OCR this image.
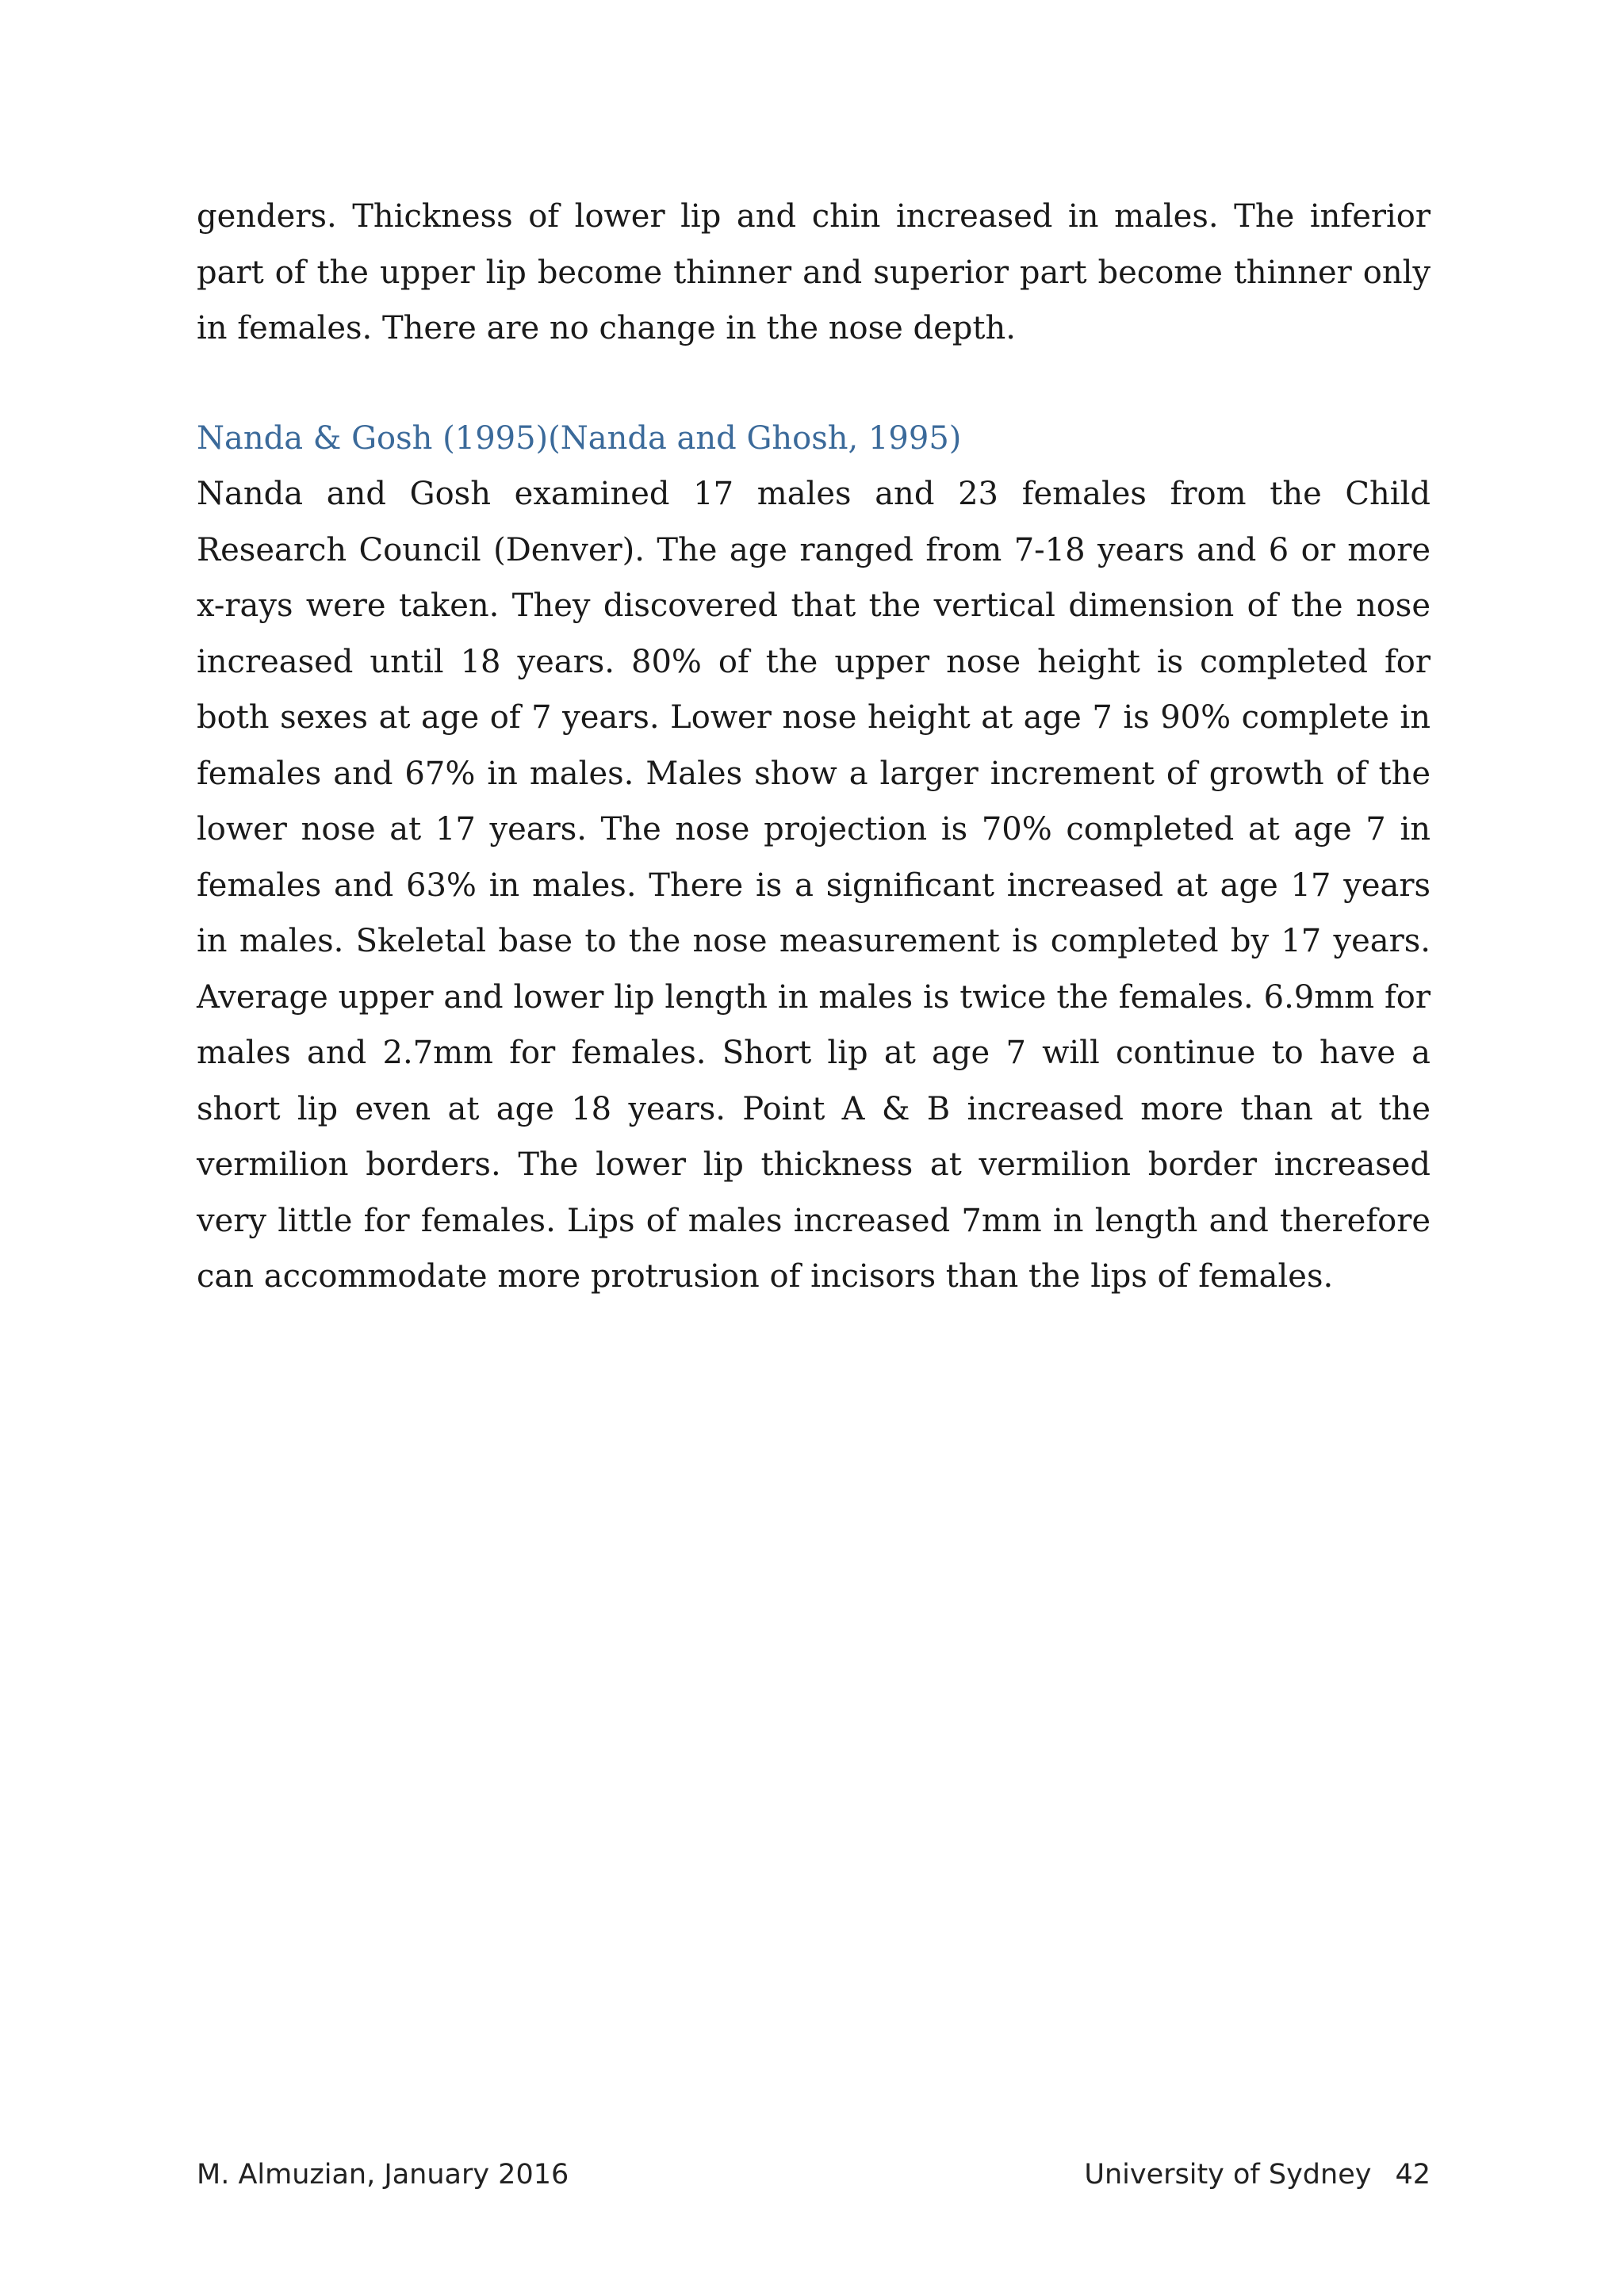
genders. Thickness of lower lip and chin increased in males. The inferior part of the upper lip become thinner and superior part become thinner only in females. There are no change in the nose depth.

Nanda & Gosh (1995)(Nanda and Ghosh, 1995)

Nanda and Gosh examined 17 males and 23 females from the Child Research Council (Denver). The age ranged from 7-18 years and 6 or more x-rays were taken. They discovered that the vertical dimension of the nose increased until 18 years. 80% of the upper nose height is completed for both sexes at age of 7 years. Lower nose height at age 7 is 90% complete in females and 67% in males. Males show a larger increment of growth of the lower nose at 17 years. The nose projection is 70% completed at age 7 in females and 63% in males. There is a significant increased at age 17 years in males. Skeletal base to the nose measurement is completed by 17 years. Average upper and lower lip length in males is twice the females. 6.9mm for males and 2.7mm for females. Short lip at age 7 will continue to have a short lip even at age 18 years. Point A & B increased more than at the vermilion borders. The lower lip thickness at vermilion border increased very little for females. Lips of males increased 7mm in length and therefore can accommodate more protrusion of incisors than the lips of females.

M. Almuzian, January 2016	University of Sydney 42
